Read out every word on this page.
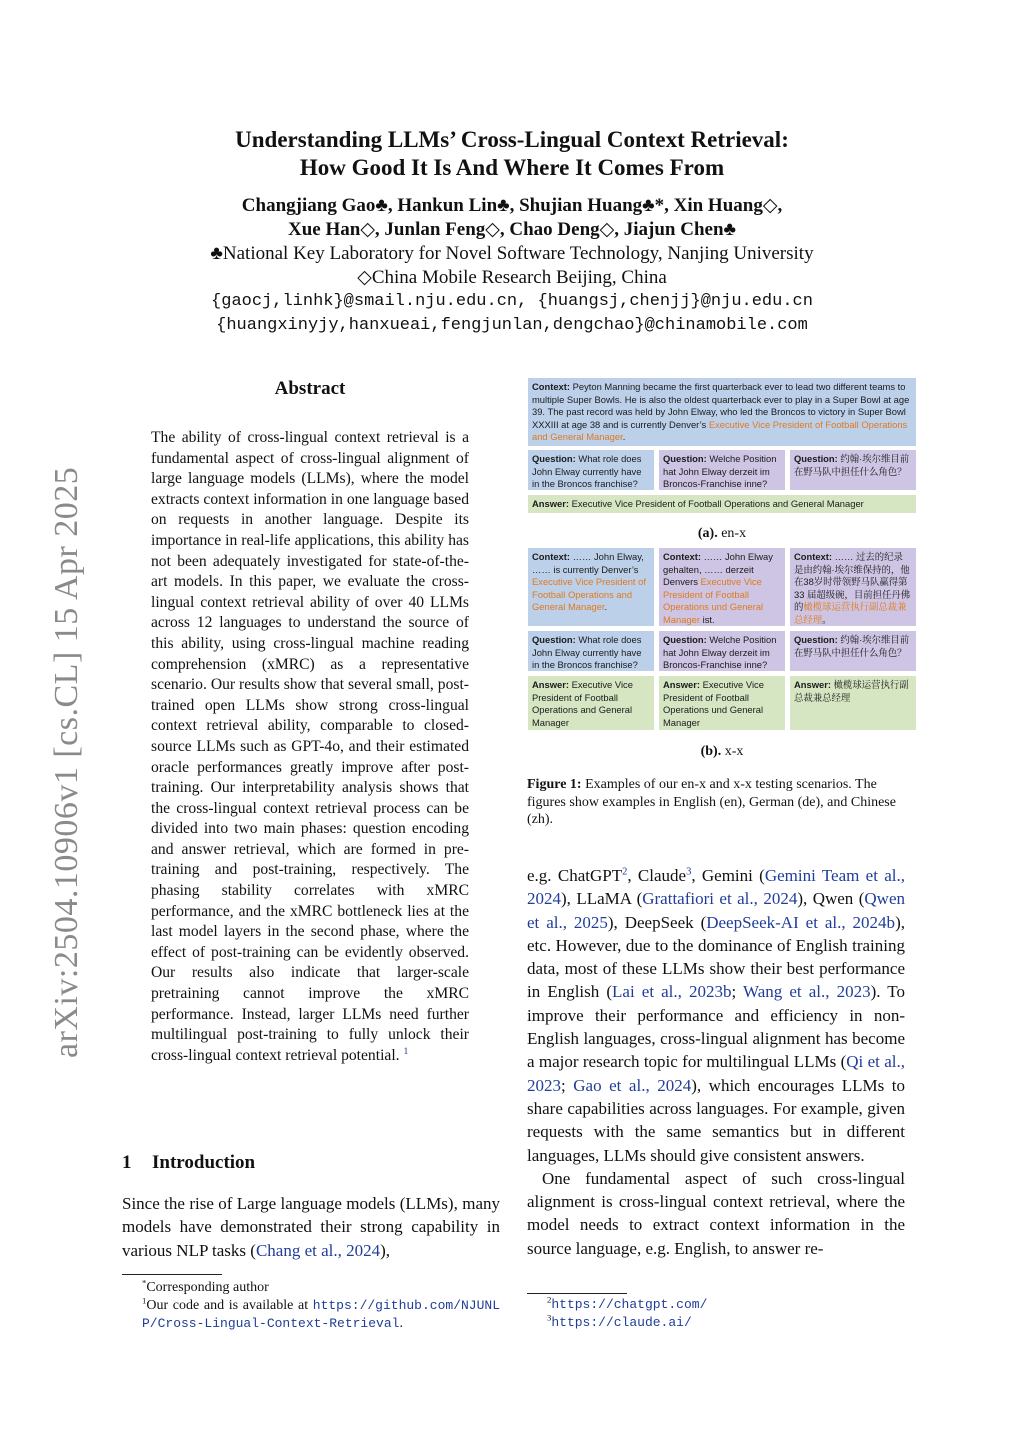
arXiv:2504.10906v1 [cs.CL] 15 Apr 2025
Understanding LLMs’ Cross-Lingual Context Retrieval:
How Good It Is And Where It Comes From
Changjiang Gao♣, Hankun Lin♣, Shujian Huang♣*, Xin Huang◇,
Xue Han◇, Junlan Feng◇, Chao Deng◇, Jiajun Chen♣
♣National Key Laboratory for Novel Software Technology, Nanjing University
◇China Mobile Research Beijing, China
{gaocj,linhk}@smail.nju.edu.cn, {huangsj,chenjj}@nju.edu.cn
{huangxinyjy,hanxueai,fengjunlan,dengchao}@chinamobile.com
Abstract
The ability of cross-lingual context retrieval is a fundamental aspect of cross-lingual alignment of large language models (LLMs), where the model extracts context information in one language based on requests in another language. Despite its importance in real-life applications, this ability has not been adequately investigated for state-of-the-art models. In this paper, we evaluate the cross-lingual context retrieval ability of over 40 LLMs across 12 languages to understand the source of this ability, using cross-lingual machine reading comprehension (xMRC) as a representative scenario. Our results show that several small, post-trained open LLMs show strong cross-lingual context retrieval ability, comparable to closed-source LLMs such as GPT-4o, and their estimated oracle performances greatly improve after post-training. Our interpretability analysis shows that the cross-lingual context retrieval process can be divided into two main phases: question encoding and answer retrieval, which are formed in pre-training and post-training, respectively. The phasing stability correlates with xMRC performance, and the xMRC bottleneck lies at the last model layers in the second phase, where the effect of post-training can be evidently observed. Our results also indicate that larger-scale pretraining cannot improve the xMRC performance. Instead, larger LLMs need further multilingual post-training to fully unlock their cross-lingual context retrieval potential. $^1$
1 Introduction
Since the rise of Large language models (LLMs), many models have demonstrated their strong capability in various NLP tasks (Chang et al., 2024),
*Corresponding author
$^1$Our code and is available at https://github.com/NJUNLP/Cross-Lingual-Context-Retrieval.
Context: Peyton Manning became the first quarterback ever to lead two different teams to multiple Super Bowls. He is also the oldest quarterback ever to play in a Super Bowl at age 39. The past record was held by John Elway, who led the Broncos to victory in Super Bowl XXXIII at age 38 and is currently Denver’s Executive Vice President of Football Operations and General Manager.
Question: What role does John Elway currently have in the Broncos franchise?
Question: Welche Position hat John Elway derzeit im Broncos-Franchise inne?
Question: 约翰·埃尔维目前在野马队中担任什么角色？
Answer: Executive Vice President of Football Operations and General Manager
(a). en-x
Context: …… John Elway, …… is currently Denver’s Executive Vice President of Football Operations and General Manager.
Context: …… John Elway gehalten, …… derzeit Denvers Executive Vice President of Football Operations und General Manager ist.
Context: …… 过去的纪录是由约翰·埃尔维保持的，他在38岁时带领野马队赢得第 33 届超级碗，目前担任丹佛的橄榄球运营执行副总裁兼总经理。
Question: What role does John Elway currently have in the Broncos franchise?
Question: Welche Position hat John Elway derzeit im Broncos-Franchise inne?
Question: 约翰·埃尔维目前在野马队中担任什么角色？
Answer: Executive Vice President of Football Operations and General Manager
Answer: Executive Vice President of Football Operations und General Manager
Answer: 橄榄球运营执行副总裁兼总经理
(b). x-x
Figure 1: Examples of our en-x and x-x testing scenarios. The figures show examples in English (en), German (de), and Chinese (zh).

e.g. ChatGPT$^2$, Claude$^3$, Gemini (Gemini Team et al., 2024), LLaMA (Grattafiori et al., 2024), Qwen (Qwen et al., 2025), DeepSeek (DeepSeek-AI et al., 2024b), etc. However, due to the dominance of English training data, most of these LLMs show their best performance in English (Lai et al., 2023b; Wang et al., 2023). To improve their performance and efficiency in non-English languages, cross-lingual alignment has become a major research topic for multilingual LLMs (Qi et al., 2023; Gao et al., 2024), which encourages LLMs to share capabilities across languages. For example, given requests with the same semantics but in different languages, LLMs should give consistent answers.

One fundamental aspect of such cross-lingual alignment is cross-lingual context retrieval, where the model needs to extract context information in the source language, e.g. English, to answer re-

$^2$https://chatgpt.com/
$^3$https://claude.ai/
